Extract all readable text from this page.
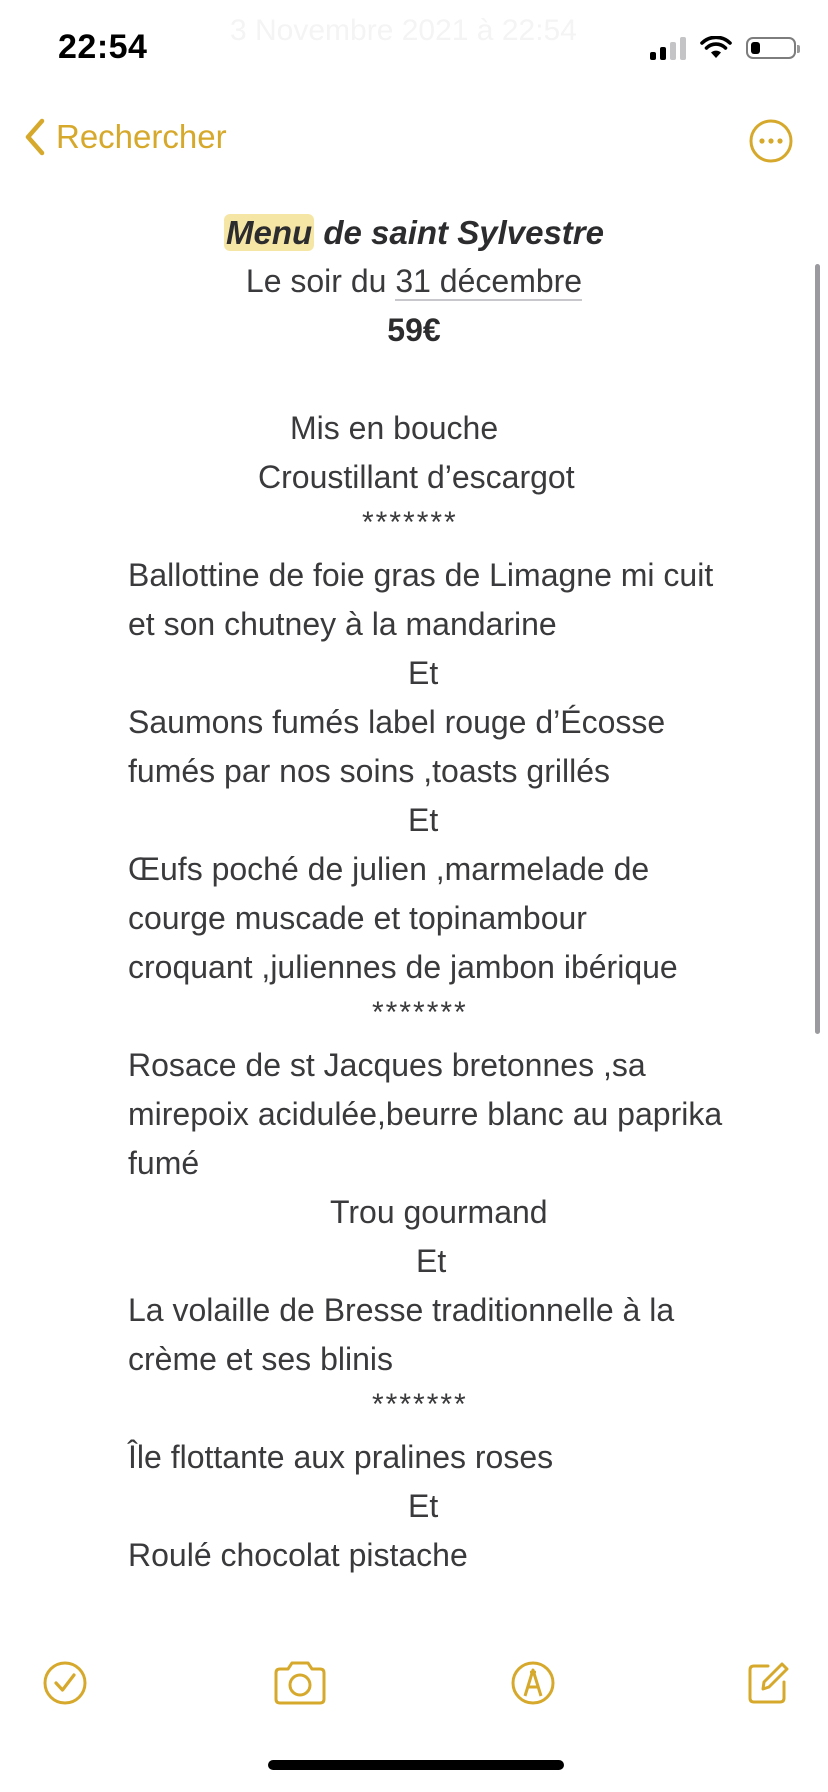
3 Novembre 2021 à 22:54
22:54
Rechercher
Menu de saint Sylvestre
Le soir du 31 décembre
59€
Mis en bouche
Croustillant d’escargot
*******
Ballottine de foie gras de Limagne mi cuit
et son chutney à la mandarine
Et
Saumons fumés label rouge d’Écosse
fumés par nos soins ,toasts grillés
Et
Œufs poché de julien ,marmelade de
courge muscade et topinambour
croquant ,juliennes de jambon ibérique
*******
Rosace de st Jacques bretonnes ,sa
mirepoix acidulée,beurre blanc au paprika
fumé
Trou gourmand
Et
La volaille de Bresse traditionnelle à la
crème et ses blinis
*******
Île flottante aux pralines roses
Et
Roulé chocolat pistache
